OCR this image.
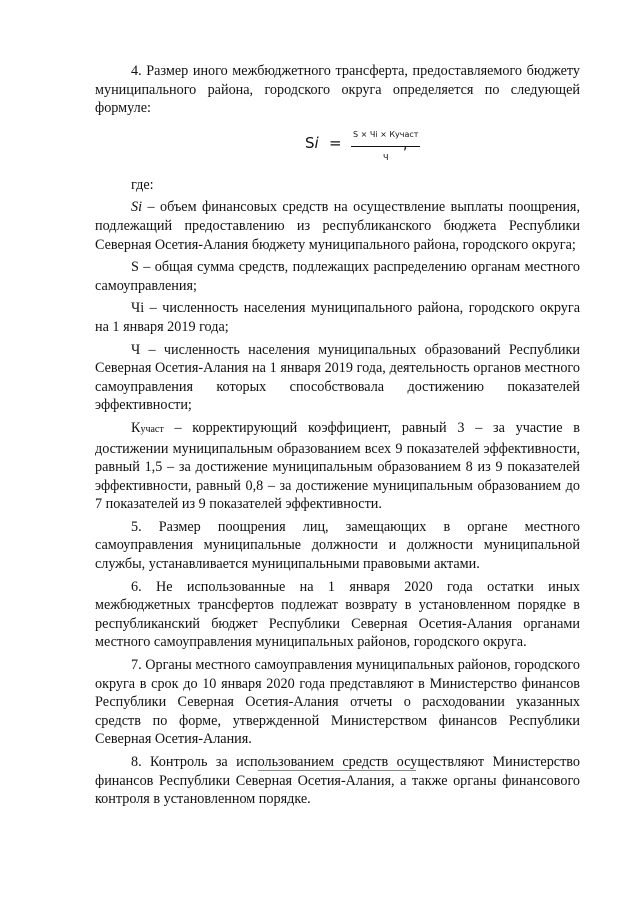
4. Размер иного межбюджетного трансферта, предоставляемого бюджету муниципального района, городского округа определяется по следующей формуле:

Si = S × Чi × Кучаст
Ч
,

где:

Si – объем финансовых средств на осуществление выплаты поощрения, подлежащий предоставлению из республиканского бюджета Республики Северная Осетия-Алания бюджету муниципального района, городского округа;

S – общая сумма средств, подлежащих распределению органам местного самоуправления;

Чi – численность населения муниципального района, городского округа на 1 января 2019 года;

Ч – численность населения муниципальных образований Республики Северная Осетия-Алания на 1 января 2019 года, деятельность органов местного самоуправления которых способствовала достижению показателей эффективности;

Кучаст – корректирующий коэффициент, равный 3 – за участие в достижении муниципальным образованием всех 9 показателей эффективности, равный 1,5 – за достижение муниципальным образованием 8 из 9 показателей эффективности, равный 0,8 – за достижение муниципальным образованием до 7 показателей из 9 показателей эффективности.

5. Размер поощрения лиц, замещающих в органе местного самоуправления муниципальные должности и должности муниципальной службы, устанавливается муниципальными правовыми актами.

6. Не использованные на 1 января 2020 года остатки иных межбюджетных трансфертов подлежат возврату в установленном порядке в республиканский бюджет Республики Северная Осетия-Алания органами местного самоуправления муниципальных районов, городского округа.

7. Органы местного самоуправления муниципальных районов, городского округа в срок до 10 января 2020 года представляют в Министерство финансов Республики Северная Осетия-Алания отчеты о расходовании указанных средств по форме, утвержденной Министерством финансов Республики Северная Осетия-Алания.

8. Контроль за использованием средств осуществляют Министерство финансов Республики Северная Осетия-Алания, а также органы финансового контроля в установленном порядке.
